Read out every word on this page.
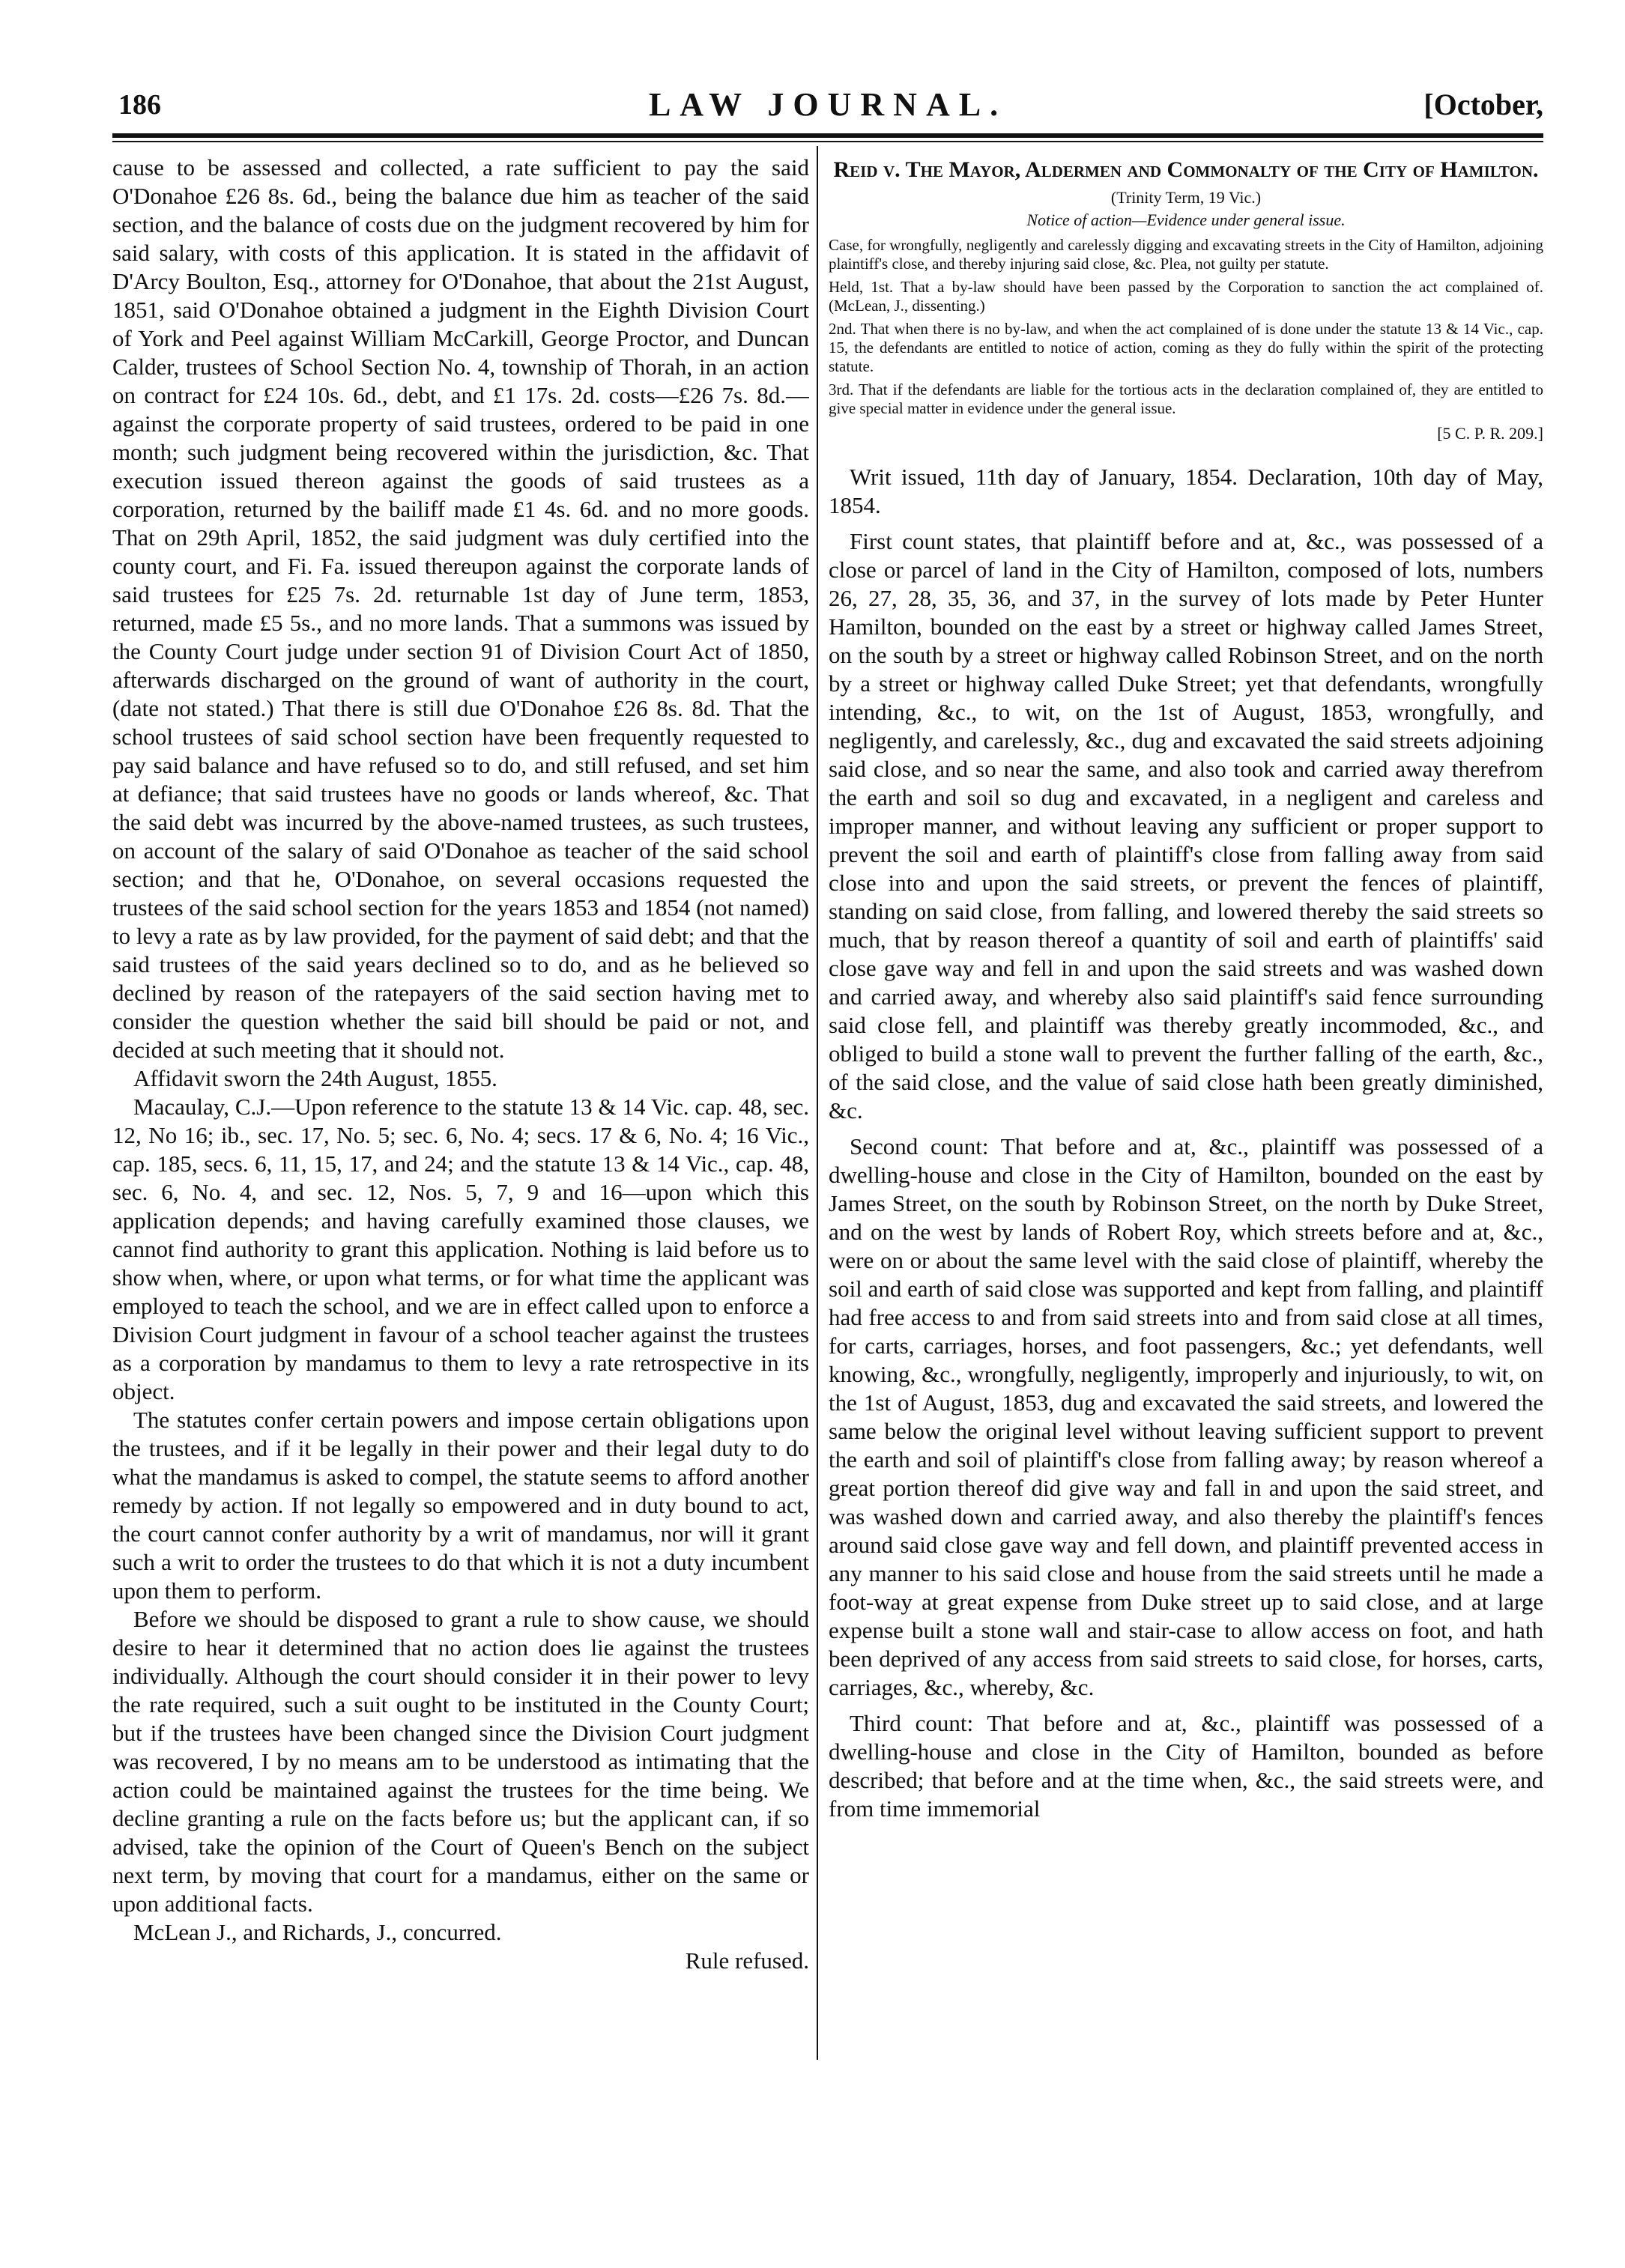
186	LAW JOURNAL.	[October,

cause to be assessed and collected, a rate sufficient to pay the said O'Donahoe £26 8s. 6d., being the balance due him as teacher of the said section, and the balance of costs due on the judgment recovered by him for said salary, with costs of this application. It is stated in the affidavit of D'Arcy Boulton, Esq., attorney for O'Donahoe, that about the 21st August, 1851, said O'Donahoe obtained a judgment in the Eighth Division Court of York and Peel against William McCarkill, George Proctor, and Duncan Calder, trustees of School Section No. 4, township of Thorah, in an action on contract for £24 10s. 6d., debt, and £1 17s. 2d. costs—£26 7s. 8d.—against the corporate property of said trustees, ordered to be paid in one month; such judgment being recovered within the jurisdiction, &c. That execution issued thereon against the goods of said trustees as a corporation, returned by the bailiff made £1 4s. 6d. and no more goods. That on 29th April, 1852, the said judgment was duly certified into the county court, and Fi. Fa. issued thereupon against the corporate lands of said trustees for £25 7s. 2d. returnable 1st day of June term, 1853, returned, made £5 5s., and no more lands. That a summons was issued by the County Court judge under section 91 of Division Court Act of 1850, afterwards discharged on the ground of want of authority in the court, (date not stated.) That there is still due O'Donahoe £26 8s. 8d. That the school trustees of said school section have been frequently requested to pay said balance and have refused so to do, and still refused, and set him at defiance; that said trustees have no goods or lands whereof, &c. That the said debt was incurred by the above-named trustees, as such trustees, on account of the salary of said O'Donahoe as teacher of the said school section; and that he, O'Donahoe, on several occasions requested the trustees of the said school section for the years 1853 and 1854 (not named) to levy a rate as by law provided, for the payment of said debt; and that the said trustees of the said years declined so to do, and as he believed so declined by reason of the ratepayers of the said section having met to consider the question whether the said bill should be paid or not, and decided at such meeting that it should not.

Affidavit sworn the 24th August, 1855.

Macaulay, C.J.—Upon reference to the statute 13 & 14 Vic. cap. 48, sec. 12, No 16; ib., sec. 17, No. 5; sec. 6, No. 4; secs. 17 & 6, No. 4; 16 Vic., cap. 185, secs. 6, 11, 15, 17, and 24; and the statute 13 & 14 Vic., cap. 48, sec. 6, No. 4, and sec. 12, Nos. 5, 7, 9 and 16—upon which this application depends; and having carefully examined those clauses, we cannot find authority to grant this application. Nothing is laid before us to show when, where, or upon what terms, or for what time the applicant was employed to teach the school, and we are in effect called upon to enforce a Division Court judgment in favour of a school teacher against the trustees as a corporation by mandamus to them to levy a rate retrospective in its object.

The statutes confer certain powers and impose certain obligations upon the trustees, and if it be legally in their power and their legal duty to do what the mandamus is asked to compel, the statute seems to afford another remedy by action. If not legally so empowered and in duty bound to act, the court cannot confer authority by a writ of mandamus, nor will it grant such a writ to order the trustees to do that which it is not a duty incumbent upon them to perform.

Before we should be disposed to grant a rule to show cause, we should desire to hear it determined that no action does lie against the trustees individually. Although the court should consider it in their power to levy the rate required, such a suit ought to be instituted in the County Court; but if the trustees have been changed since the Division Court judgment was recovered, I by no means am to be understood as intimating that the action could be maintained against the trustees for the time being. We decline granting a rule on the facts before us; but the applicant can, if so advised, take the opinion of the Court of Queen's Bench on the subject next term, by moving that court for a mandamus, either on the same or upon additional facts.

McLean J., and Richards, J., concurred.

Rule refused.

Reid v. The Mayor, Aldermen and Commonalty of the City of Hamilton.
(Trinity Term, 19 Vic.)
Notice of action—Evidence under general issue.
Case, for wrongfully, negligently and carelessly digging and excavating streets in the City of Hamilton, adjoining plaintiff's close, and thereby injuring said close, &c. Plea, not guilty per statute.
Held, 1st. That a by-law should have been passed by the Corporation to sanction the act complained of. (McLean, J., dissenting.)
2nd. That when there is no by-law, and when the act complained of is done under the statute 13 & 14 Vic., cap. 15, the defendants are entitled to notice of action, coming as they do fully within the spirit of the protecting statute.
3rd. That if the defendants are liable for the tortious acts in the declaration complained of, they are entitled to give special matter in evidence under the general issue.
[5 C. P. R. 209.]

Writ issued, 11th day of January, 1854. Declaration, 10th day of May, 1854.

First count states, that plaintiff before and at, &c., was possessed of a close or parcel of land in the City of Hamilton, composed of lots, numbers 26, 27, 28, 35, 36, and 37, in the survey of lots made by Peter Hunter Hamilton, bounded on the east by a street or highway called James Street, on the south by a street or highway called Robinson Street, and on the north by a street or highway called Duke Street; yet that defendants, wrongfully intending, &c., to wit, on the 1st of August, 1853, wrongfully, and negligently, and carelessly, &c., dug and excavated the said streets adjoining said close, and so near the same, and also took and carried away therefrom the earth and soil so dug and excavated, in a negligent and careless and improper manner, and without leaving any sufficient or proper support to prevent the soil and earth of plaintiff's close from falling away from said close into and upon the said streets, or prevent the fences of plaintiff, standing on said close, from falling, and lowered thereby the said streets so much, that by reason thereof a quantity of soil and earth of plaintiffs' said close gave way and fell in and upon the said streets and was washed down and carried away, and whereby also said plaintiff's said fence surrounding said close fell, and plaintiff was thereby greatly incommoded, &c., and obliged to build a stone wall to prevent the further falling of the earth, &c., of the said close, and the value of said close hath been greatly diminished, &c.

Second count: That before and at, &c., plaintiff was possessed of a dwelling-house and close in the City of Hamilton, bounded on the east by James Street, on the south by Robinson Street, on the north by Duke Street, and on the west by lands of Robert Roy, which streets before and at, &c., were on or about the same level with the said close of plaintiff, whereby the soil and earth of said close was supported and kept from falling, and plaintiff had free access to and from said streets into and from said close at all times, for carts, carriages, horses, and foot passengers, &c.; yet defendants, well knowing, &c., wrongfully, negligently, improperly and injuriously, to wit, on the 1st of August, 1853, dug and excavated the said streets, and lowered the same below the original level without leaving sufficient support to prevent the earth and soil of plaintiff's close from falling away; by reason whereof a great portion thereof did give way and fall in and upon the said street, and was washed down and carried away, and also thereby the plaintiff's fences around said close gave way and fell down, and plaintiff prevented access in any manner to his said close and house from the said streets until he made a foot-way at great expense from Duke street up to said close, and at large expense built a stone wall and stair-case to allow access on foot, and hath been deprived of any access from said streets to said close, for horses, carts, carriages, &c., whereby, &c.

Third count: That before and at, &c., plaintiff was possessed of a dwelling-house and close in the City of Hamilton, bounded as before described; that before and at the time when, &c., the said streets were, and from time immemorial
